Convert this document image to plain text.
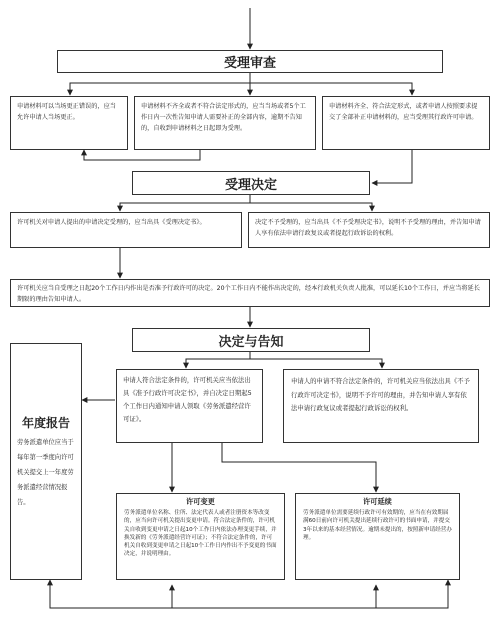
受理审查
申请材料可以当场更正错误的，应当允许申请人当场更正。
申请材料不齐全或者不符合法定形式的，应当当场或者5个工作日内一次性告知申请人需要补正的全部内容，逾期不告知的，自收到申请材料之日起即为受理。
申请材料齐全、符合法定形式，或者申请人按照要求提交了全部补正申请材料的，应当受理其行政许可申请。
受理决定
许可机关对申请人提出的申请决定受理的，应当出具《受理决定书》。	决定不予受理的，应当出具《不予受理决定书》，说明不予受理的理由，并告知申请人享有依法申请行政复议或者提起行政诉讼的权利。
许可机关应当自受理之日起20个工作日内作出是否准予行政许可的决定。20个工作日内不能作出决定的，经本行政机关负责人批准，可以延长10个工作日，并应当将延长期限的理由告知申请人。
决定与告知
申请人符合法定条件的，许可机关应当依法出具《准予行政许可决定书》，并自决定日期起5个工作日内通知申请人领取《劳务派遣经营许可证》。
申请人的申请不符合法定条件的，许可机关应当依法出具《不予行政许可决定书》，说明不予许可的理由，并告知申请人享有依法申请行政复议或者提起行政诉讼的权利。
年度报告
劳务派遣单位应当于每年第一季度向许可机关提交上一年度劳务派遣经营情况报告。	许可变更
劳务派遣单位名称、住所、法定代表人或者注册资本等改变的，应当向许可机关提出变更申请。符合法定条件的，许可机关自收到变更申请之日起10个工作日内依法办理变更手续，并换发新的《劳务派遣经营许可证》；不符合法定条件的，许可机关自收到变更申请之日起10个工作日内作出不予变更的书面决定，并说明理由。
许可延续
劳务派遣单位需要延续行政许可有效期的，应当在有效期届满60日前向许可机关提出延续行政许可的书面申请，并提交3年以来的基本经营情况。逾期未提出的，按照新申请经营办理。
